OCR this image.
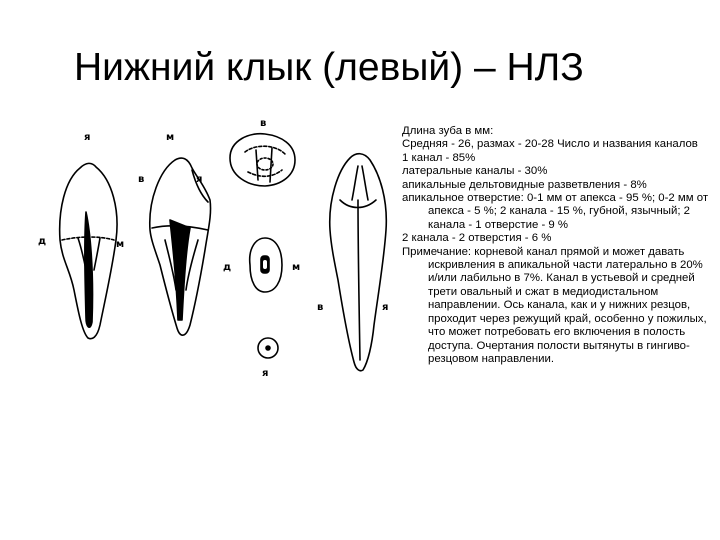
Нижний клык (левый) – НЛЗ
я	м
в
в	я
д	м
д	м
в	я
я

Длина зуба в мм:

Средняя - 26, размах - 20-28 Число и названия каналов

1 канал - 85%

латеральные каналы - 30%

апикальные дельтовидные разветвления - 8%

апикальное отверстие: 0-1 мм от апекса - 95 %; 0-2 мм от апекса - 5 %; 2 канала - 15 %, губной, язычный; 2 канала - 1 отверстие - 9 %

2 канала - 2 отверстия - 6 %

Примечание: корневой канал прямой и может давать искривления в апикальной части латерально в 20% и/или лабильно в 7%. Канал в устьевой и средней трети овальный и сжат в медиодистальном направлении. Ось канала, как и у нижних резцов, проходит через режущий край, особенно у пожилых, что может потребовать его включения в полость доступа. Очертания полости вытянуты в гингиво-резцовом направлении.
